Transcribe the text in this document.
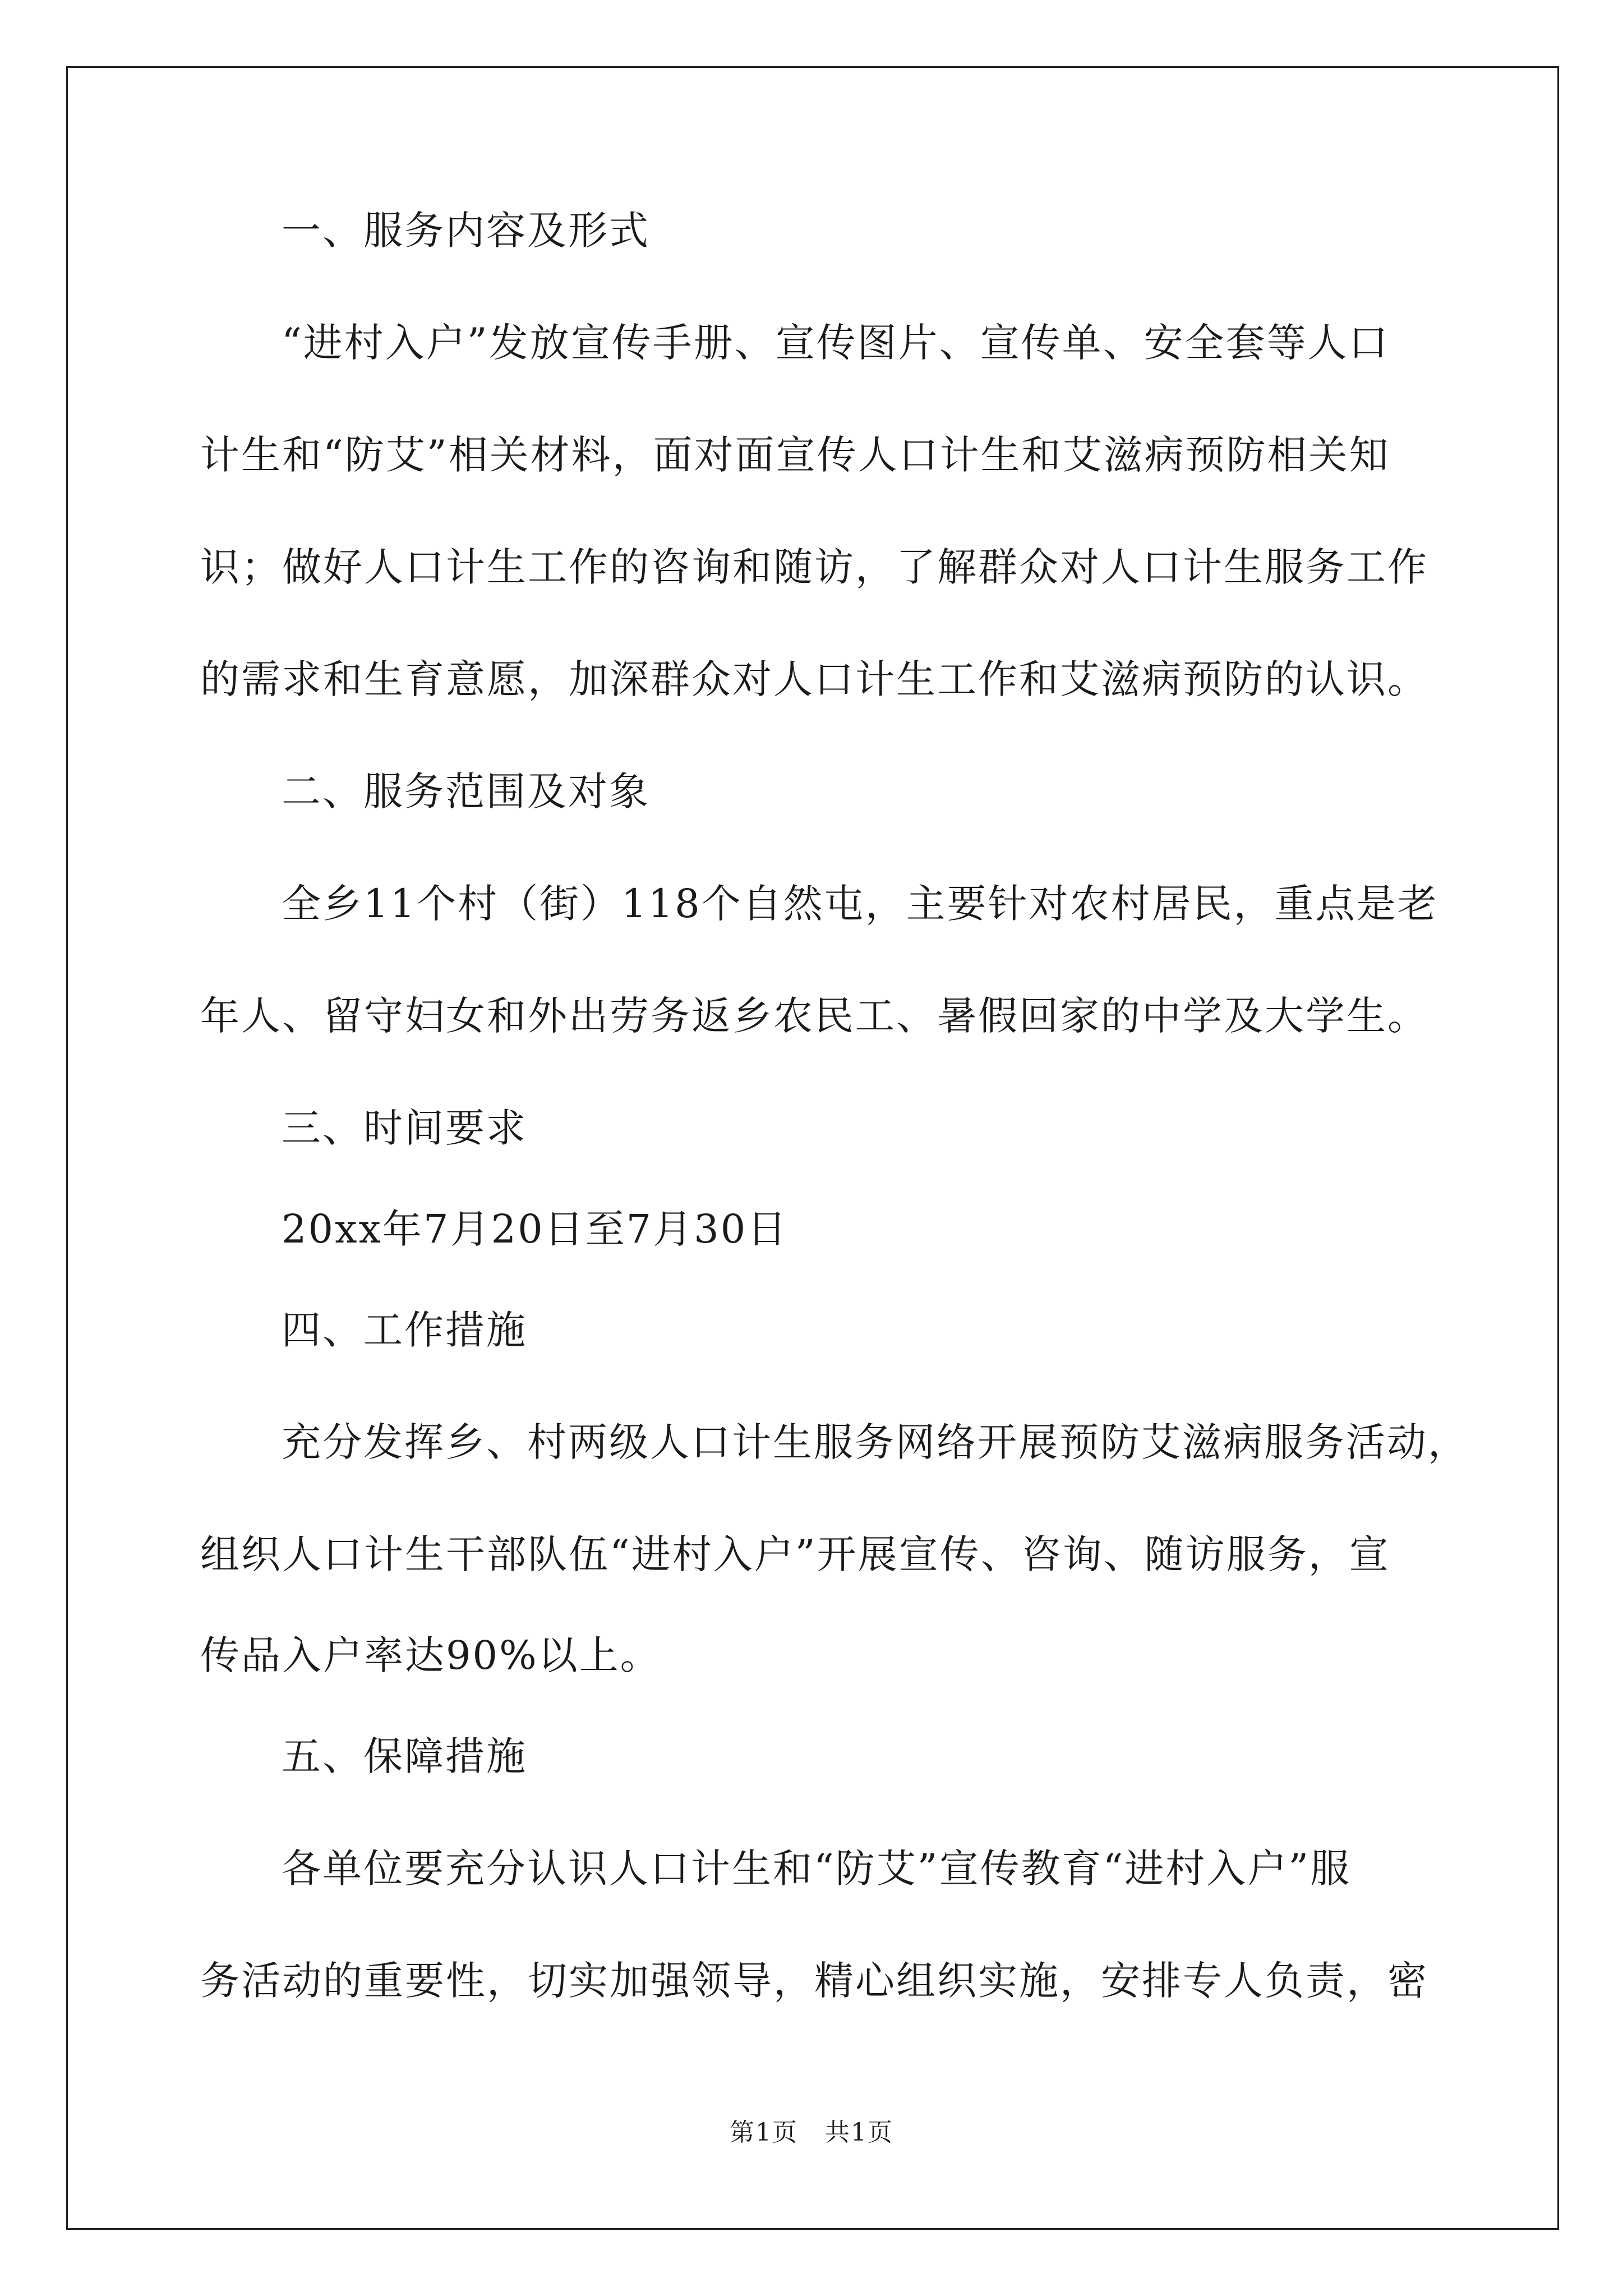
一、服务内容及形式
“进村入户”发放宣传手册、宣传图片、宣传单、安全套等人口
计生和“防艾”相关材料，面对面宣传人口计生和艾滋病预防相关知
识；做好人口计生工作的咨询和随访，了解群众对人口计生服务工作
的需求和生育意愿，加深群众对人口计生工作和艾滋病预防的认识。
二、服务范围及对象
全乡11个村（街）118个自然屯，主要针对农村居民，重点是老
年人、留守妇女和外出劳务返乡农民工、暑假回家的中学及大学生。
三、时间要求
20xx年7月20日至7月30日
四、工作措施
充分发挥乡、村两级人口计生服务网络开展预防艾滋病服务活动，
组织人口计生干部队伍“进村入户”开展宣传、咨询、随访服务，宣
传品入户率达90%以上。
五、保障措施
各单位要充分认识人口计生和“防艾”宣传教育“进村入户”服
务活动的重要性，切实加强领导，精心组织实施，安排专人负责，密
第1页   共1页
